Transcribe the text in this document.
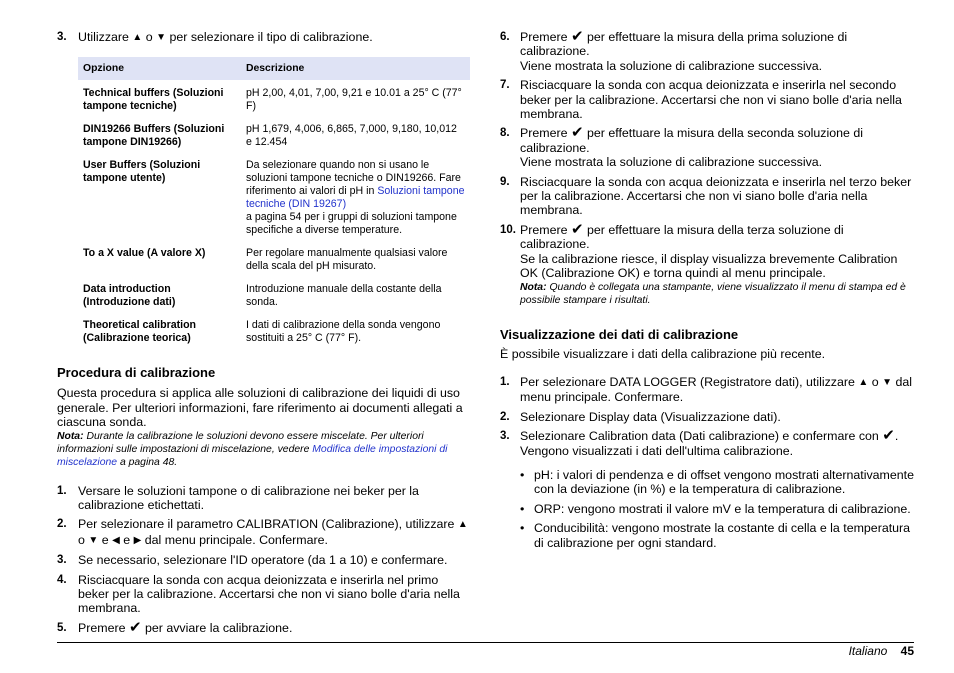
3. Utilizzare ▲ o ▼ per selezionare il tipo di calibrazione.
Opzione	Descrizione
Technical buffers (Soluzioni tampone tecniche)	pH 2,00, 4,01, 7,00, 9,21 e 10.01 a 25° C (77° F)
DIN19266 Buffers (Soluzioni tampone DIN19266)	pH 1,679, 4,006, 6,865, 7,000, 9,180, 10,012 e 12.454
User Buffers (Soluzioni tampone utente)	Da selezionare quando non si usano le soluzioni tampone tecniche o DIN19266. Fare riferimento ai valori di pH in Soluzioni tampone tecniche (DIN 19267)
a pagina 54 per i gruppi di soluzioni tampone specifiche a diverse temperature.
To a X value (A valore X)	Per regolare manualmente qualsiasi valore della scala del pH misurato.
Data introduction (Introduzione dati)	Introduzione manuale della costante della sonda.
Theoretical calibration (Calibrazione teorica)	I dati di calibrazione della sonda vengono sostituiti a 25° C (77° F).
Procedura di calibrazione

Questa procedura si applica alle soluzioni di calibrazione dei liquidi di uso generale. Per ulteriori informazioni, fare riferimento ai documenti allegati a ciascuna sonda.

Nota: Durante la calibrazione le soluzioni devono essere miscelate. Per ulteriori informazioni sulle impostazioni di miscelazione, vedere Modifica delle impostazioni di miscelazione a pagina 48.

1. Versare le soluzioni tampone o di calibrazione nei beker per la calibrazione etichettati.
2. Per selezionare il parametro CALIBRATION (Calibrazione), utilizzare ▲ o ▼ e ◀ e ▶ dal menu principale. Confermare.
3. Se necessario, selezionare l'ID operatore (da 1 a 10) e confermare.
4. Risciacquare la sonda con acqua deionizzata e inserirla nel primo beker per la calibrazione. Accertarsi che non vi siano bolle d'aria nella membrana.
5. Premere ✔ per avviare la calibrazione.
6. Premere ✔ per effettuare la misura della prima soluzione di calibrazione.
Viene mostrata la soluzione di calibrazione successiva.
7. Risciacquare la sonda con acqua deionizzata e inserirla nel secondo beker per la calibrazione. Accertarsi che non vi siano bolle d'aria nella membrana.
8. Premere ✔ per effettuare la misura della seconda soluzione di calibrazione.
Viene mostrata la soluzione di calibrazione successiva.
9. Risciacquare la sonda con acqua deionizzata e inserirla nel terzo beker per la calibrazione. Accertarsi che non vi siano bolle d'aria nella membrana.
10. Premere ✔ per effettuare la misura della terza soluzione di calibrazione.
Se la calibrazione riesce, il display visualizza brevemente Calibration OK (Calibrazione OK) e torna quindi al menu principale.

Nota: Quando è collegata una stampante, viene visualizzato il menu di stampa ed è possibile stampare i risultati.

Visualizzazione dei dati di calibrazione

È possibile visualizzare i dati della calibrazione più recente.

1. Per selezionare DATA LOGGER (Registratore dati), utilizzare ▲ o ▼ dal menu principale. Confermare.
2. Selezionare Display data (Visualizzazione dati).
3. Selezionare Calibration data (Dati calibrazione) e confermare con ✔. Vengono visualizzati i dati dell'ultima calibrazione.
• pH: i valori di pendenza e di offset vengono mostrati alternativamente con la deviazione (in %) e la temperatura di calibrazione.
• ORP: vengono mostrati il valore mV e la temperatura di calibrazione.
• Conducibilità: vengono mostrate la costante di cella e la temperatura di calibrazione per ogni standard.
Italiano 45
